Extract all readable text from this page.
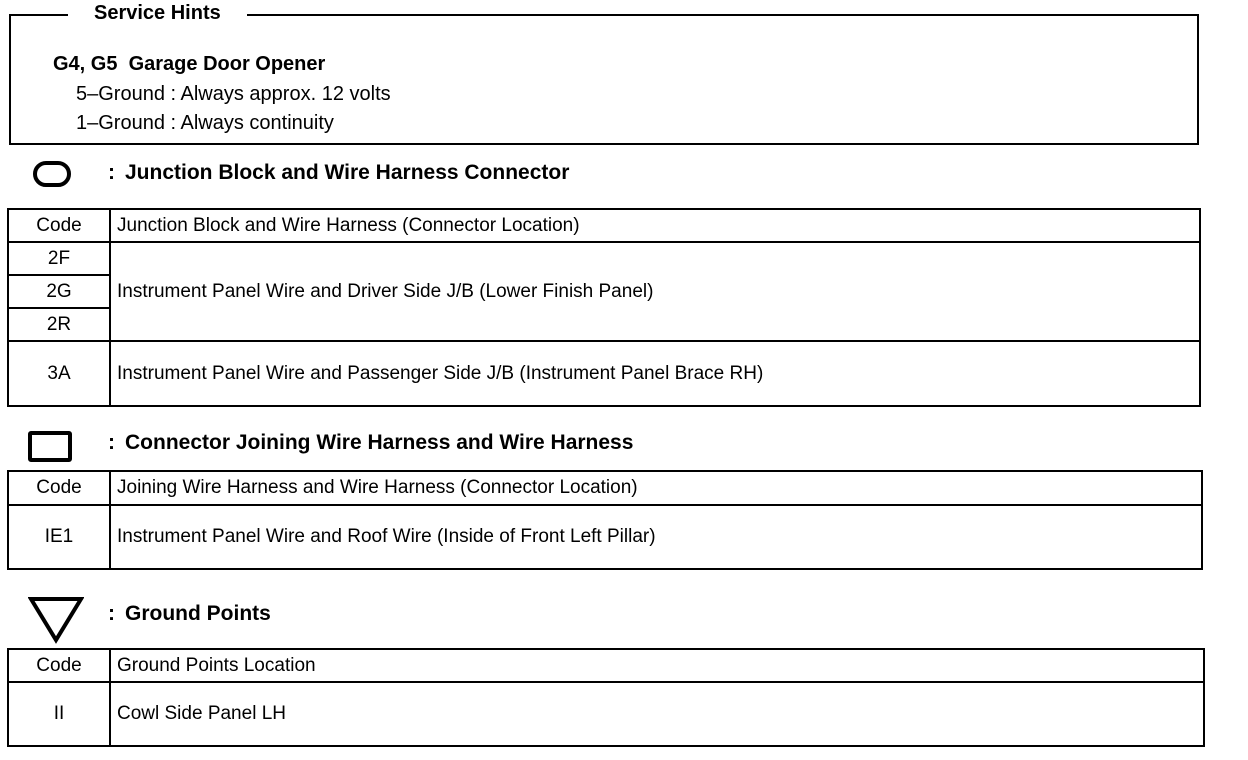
G4, G5  Garage Door Opener
5–Ground : Always approx. 12 volts
1–Ground : Always continuity
Service Hints
: Junction Block and Wire Harness Connector
Code	Junction Block and Wire Harness (Connector Location)
2F	Instrument Panel Wire and Driver Side J/B (Lower Finish Panel)
2G	
2R	
3A	Instrument Panel Wire and Passenger Side J/B (Instrument Panel Brace RH)
: Connector Joining Wire Harness and Wire Harness
Code	Joining Wire Harness and Wire Harness (Connector Location)
IE1	Instrument Panel Wire and Roof Wire (Inside of Front Left Pillar)
: Ground Points
Code	Ground Points Location
II	Cowl Side Panel LH
